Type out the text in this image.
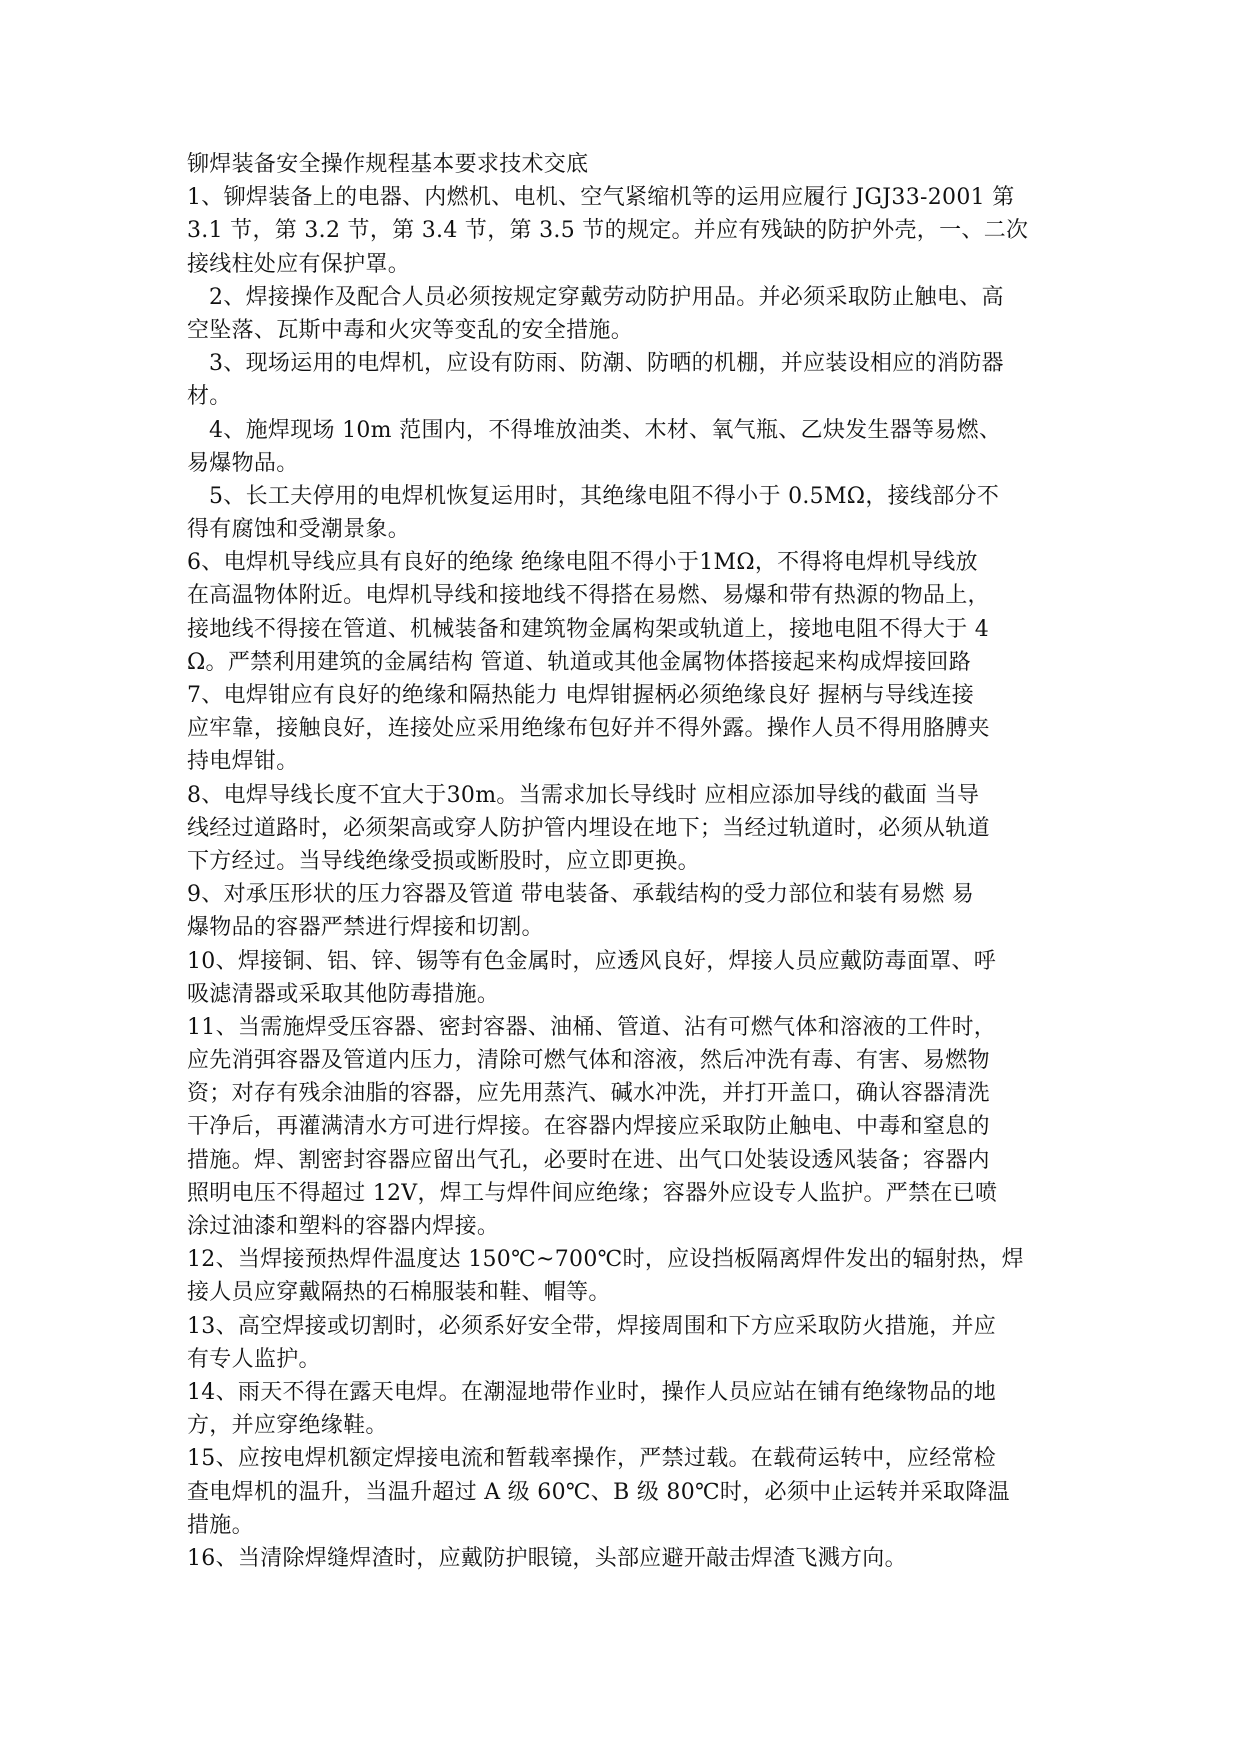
铆焊装备安全操作规程基本要求技术交底
1、铆焊装备上的电器、内燃机、电机、空气紧缩机等的运用应履行 JGJ33-2001 第
3.1 节，第 3.2 节，第 3.4 节，第 3.5 节的规定。并应有残缺的防护外壳，一、二次
接线柱处应有保护罩。
2、焊接操作及配合人员必须按规定穿戴劳动防护用品。并必须采取防止触电、高
空坠落、瓦斯中毒和火灾等变乱的安全措施。
3、现场运用的电焊机，应设有防雨、防潮、防晒的机棚，并应装设相应的消防器
材。
4、施焊现场 10m 范围内，不得堆放油类、木材、氧气瓶、乙炔发生器等易燃、
易爆物品。
5、长工夫停用的电焊机恢复运用时，其绝缘电阻不得小于 0.5MΩ，接线部分不
得有腐蚀和受潮景象。
6、电焊机导线应具有良好的绝缘 绝缘电阻不得小于1MΩ，不得将电焊机导线放
在高温物体附近。电焊机导线和接地线不得搭在易燃、易爆和带有热源的物品上，
接地线不得接在管道、机械装备和建筑物金属构架或轨道上，接地电阻不得大于 4
Ω。严禁利用建筑的金属结构 管道、轨道或其他金属物体搭接起来构成焊接回路
7、电焊钳应有良好的绝缘和隔热能力 电焊钳握柄必须绝缘良好 握柄与导线连接
应牢靠，接触良好，连接处应采用绝缘布包好并不得外露。操作人员不得用胳膊夹
持电焊钳。
8、电焊导线长度不宜大于30m。当需求加长导线时 应相应添加导线的截面 当导
线经过道路时，必须架高或穿人防护管内埋设在地下；当经过轨道时，必须从轨道
下方经过。当导线绝缘受损或断股时，应立即更换。
9、对承压形状的压力容器及管道 带电装备、承载结构的受力部位和装有易燃 易
爆物品的容器严禁进行焊接和切割。
10、焊接铜、铝、锌、锡等有色金属时，应透风良好，焊接人员应戴防毒面罩、呼
吸滤清器或采取其他防毒措施。
11、当需施焊受压容器、密封容器、油桶、管道、沾有可燃气体和溶液的工件时，
应先消弭容器及管道内压力，清除可燃气体和溶液，然后冲洗有毒、有害、易燃物
资；对存有残余油脂的容器，应先用蒸汽、碱水冲洗，并打开盖口，确认容器清洗
干净后，再灌满清水方可进行焊接。在容器内焊接应采取防止触电、中毒和窒息的
措施。焊、割密封容器应留出气孔，必要时在进、出气口处装设透风装备；容器内
照明电压不得超过 12V，焊工与焊件间应绝缘；容器外应设专人监护。严禁在已喷
涂过油漆和塑料的容器内焊接。
12、当焊接预热焊件温度达 150℃~700℃时，应设挡板隔离焊件发出的辐射热，焊
接人员应穿戴隔热的石棉服装和鞋、帽等。
13、高空焊接或切割时，必须系好安全带，焊接周围和下方应采取防火措施，并应
有专人监护。
14、雨天不得在露天电焊。在潮湿地带作业时，操作人员应站在铺有绝缘物品的地
方，并应穿绝缘鞋。
15、应按电焊机额定焊接电流和暂载率操作，严禁过载。在载荷运转中，应经常检
查电焊机的温升，当温升超过 A 级 60℃、B 级 80℃时，必须中止运转并采取降温
措施。
16、当清除焊缝焊渣时，应戴防护眼镜，头部应避开敲击焊渣飞溅方向。
